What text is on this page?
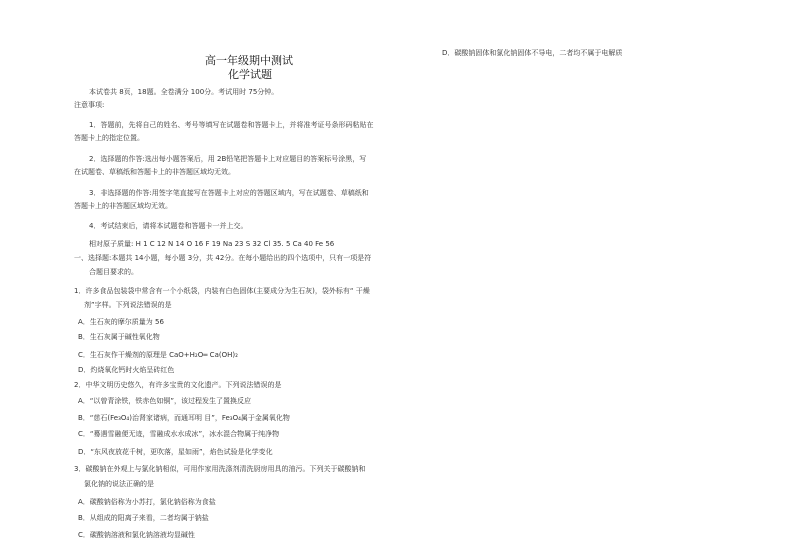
高一年级期中测试
化学试题
本试卷共 8页，18题。全卷满分 100分。考试用时 75分钟。
注意事项:
1．答题前，先将自己的姓名、考号等填写在试题卷和答题卡上，并将准考证号条形码粘贴在
答题卡上的指定位置。
2．选择题的作答:选出每小题答案后，用 2B铅笔把答题卡上对应题目的答案标号涂黑，写
在试题卷、草稿纸和答题卡上的非答题区域均无效。
3．非选择题的作答:用签字笔直接写在答题卡上对应的答题区域内，写在试题卷、草稿纸和
答题卡上的非答题区域均无效。
4．考试结束后，请将本试题卷和答题卡一并上交。
相对原子质量: H 1 C 12 N 14 O 16 F 19 Na 23 S 32 Cl 35. 5 Ca 40 Fe 56
一、选择题:本题共 14小题，每小题 3分，共 42分。在每小题给出的四个选项中，只有一项是符
合题目要求的。
1．许多食品包装袋中常含有一个小纸袋，内装有白色固体(主要成分为生石灰)，袋外标有“ 干燥
剂”字样。下列说法错误的是
A．生石灰的摩尔质量为 56
B．生石灰属于碱性氧化物
C．生石灰作干燥剂的原理是 CaO+H₂O═ Ca(OH)₂
D．灼烧氧化钙时火焰呈砖红色
2．中华文明历史悠久，有许多宝贵的文化遗产。下列说法错误的是
A．“以曾青涂铁，铁赤色如铜”，该过程发生了置换反应
B．“慈石(Fe₃O₄)治肾家诸病，而通耳明 目”，Fe₃O₄属于金属氧化物
C．“蓦遇雪融便无迹，雪融成水水成冰”，冰水混合物属于纯净物
D．“东风夜放花千树，更吹落，星如雨”，焰色试验是化学变化
3．碳酸钠在外观上与氯化钠相似，可用作家用洗涤剂清洗厨房用具的油污。下列关于碳酸钠和
氯化钠的说法正确的是
A．碳酸钠俗称为小苏打，氯化钠俗称为食盐
B．从组成的阳离子来看，二者均属于钠盐
C．碳酸钠溶液和氯化钠溶液均显碱性
D．碳酸钠固体和氯化钠固体不导电，二者均不属于电解质
